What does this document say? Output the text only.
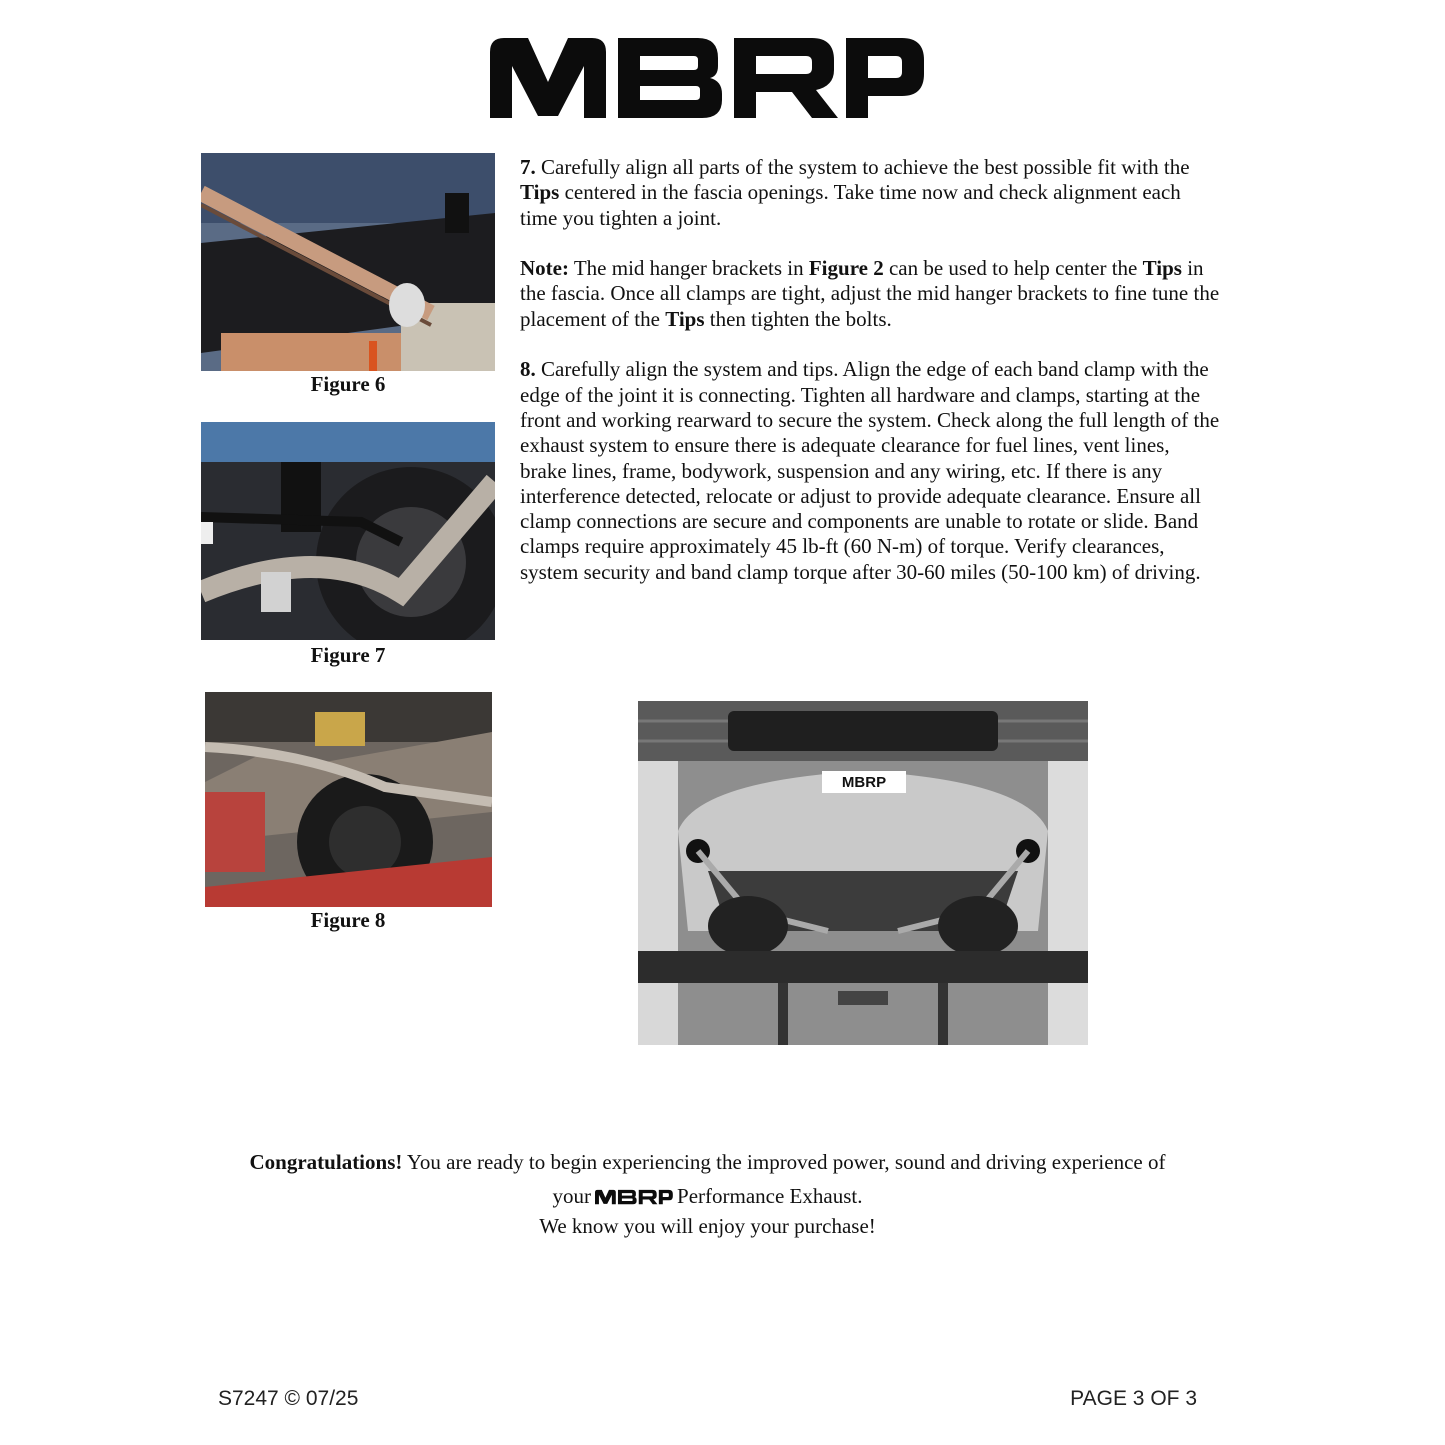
Figure 6
Figure 7
Figure 8

7. Carefully align all parts of the system to achieve the best possible fit with the Tips centered in the fascia openings. Take time now and check alignment each time you tighten a joint.

Note: The mid hanger brackets in Figure 2 can be used to help center the Tips in the fascia. Once all clamps are tight, adjust the mid hanger brackets to fine tune the placement of the Tips then tighten the bolts.

8. Carefully align the system and tips. Align the edge of each band clamp with the edge of the joint it is connecting. Tighten all hardware and clamps, starting at the front and working rearward to secure the system. Check along the full length of the exhaust system to ensure there is adequate clearance for fuel lines, vent lines, brake lines, frame, bodywork, suspension and any wiring, etc. If there is any interference detected, relocate or adjust to provide adequate clearance. Ensure all clamp connections are secure and components are unable to rotate or slide. Band clamps require approximately 45 lb-ft (60 N-m) of torque. Verify clearances, system security and band clamp torque after 30-60 miles (50-100 km) of driving.

MBRP
Congratulations! You are ready to begin experiencing the improved power, sound and driving experience of
your	Performance Exhaust.
We know you will enjoy your purchase!
S7247 © 07/25	PAGE 3 OF 3
